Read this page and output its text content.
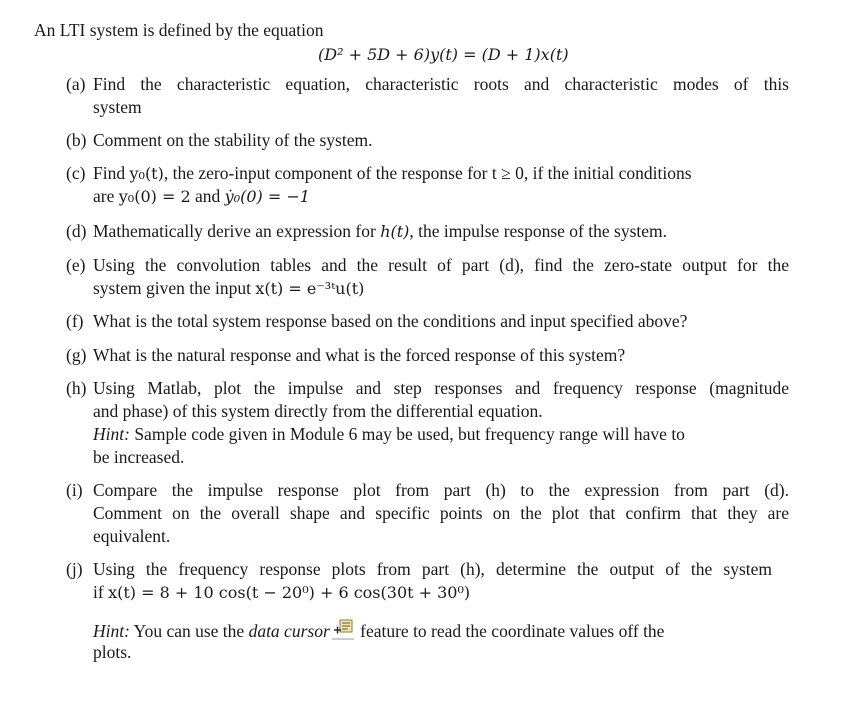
An LTI system is defined by the equation
(D² + 5D + 6)y(t) = (D + 1)x(t)
(a) Find the characteristic equation, characteristic roots and characteristic modes of this
system
(b) Comment on the stability of the system.
(c) Find y₀(t), the zero-input component of the response for t ≥ 0, if the initial conditions
are y₀(0) = 2 and ẏ₀(0) = −1
(d) Mathematically derive an expression for h(t), the impulse response of the system.
(e) Using the convolution tables and the result of part (d), find the zero-state output for the
system given the input x(t) = e⁻³ᵗu(t)
(f) What is the total system response based on the conditions and input specified above?
(g) What is the natural response and what is the forced response of this system?
(h) Using Matlab, plot the impulse and step responses and frequency response (magnitude
and phase) of this system directly from the differential equation.
Hint: Sample code given in Module 6 may be used, but frequency range will have to
be increased.
(i) Compare the impulse response plot from part (h) to the expression from part (d).
Comment on the overall shape and specific points on the plot that confirm that they are
equivalent.
(j) Using the frequency response plots from part (h), determine the output of the system
if x(t) = 8 + 10 cos(t − 20⁰) + 6 cos(30t + 30⁰)
Hint: You can use the data cursor feature to read the coordinate values off the
plots.
